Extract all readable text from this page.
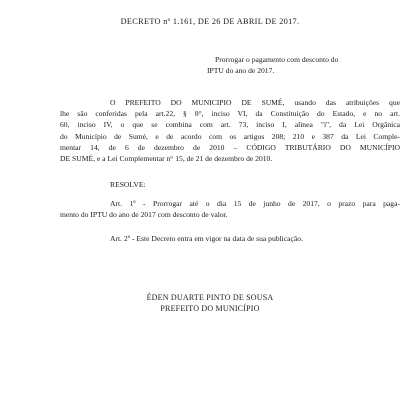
DECRETO nº 1.161, DE 26 DE ABRIL DE 2017.
Prorrogar o pagamento com desconto do
IPTU do ano de 2017.
O PREFEITO DO MUNICIPIO DE SUMÉ, usando das atribuições que
lhe são conferidas pela art.22, § 8°, inciso VI, da Constituição do Estado, e no art.
60, inciso IV, o que se combina com art. 73, inciso I, alinea "i", da Lei Orgânica
do Município de Sumé, e de acordo com os artigos 208; 210 e 387 da Lei Comple-
mentar 14, de 6 de dezembro de 2010 – CÓDIGO TRIBUTÁRIO DO MUNICÍPIO
DE SUMÉ, e a Lei Complementar n° 15, de 21 de dezembro de 2010.
RESOLVE:
Art. 1º - Prorrogar até o dia 15 de junho de 2017, o prazo para paga-
mento do IPTU do ano de 2017 com desconto de valor.
Art. 2º - Este Decreto entra em vigor na data de sua publicação.
ÉDEN DUARTE PINTO DE SOUSA
PREFEITO DO MUNICÍPIO
